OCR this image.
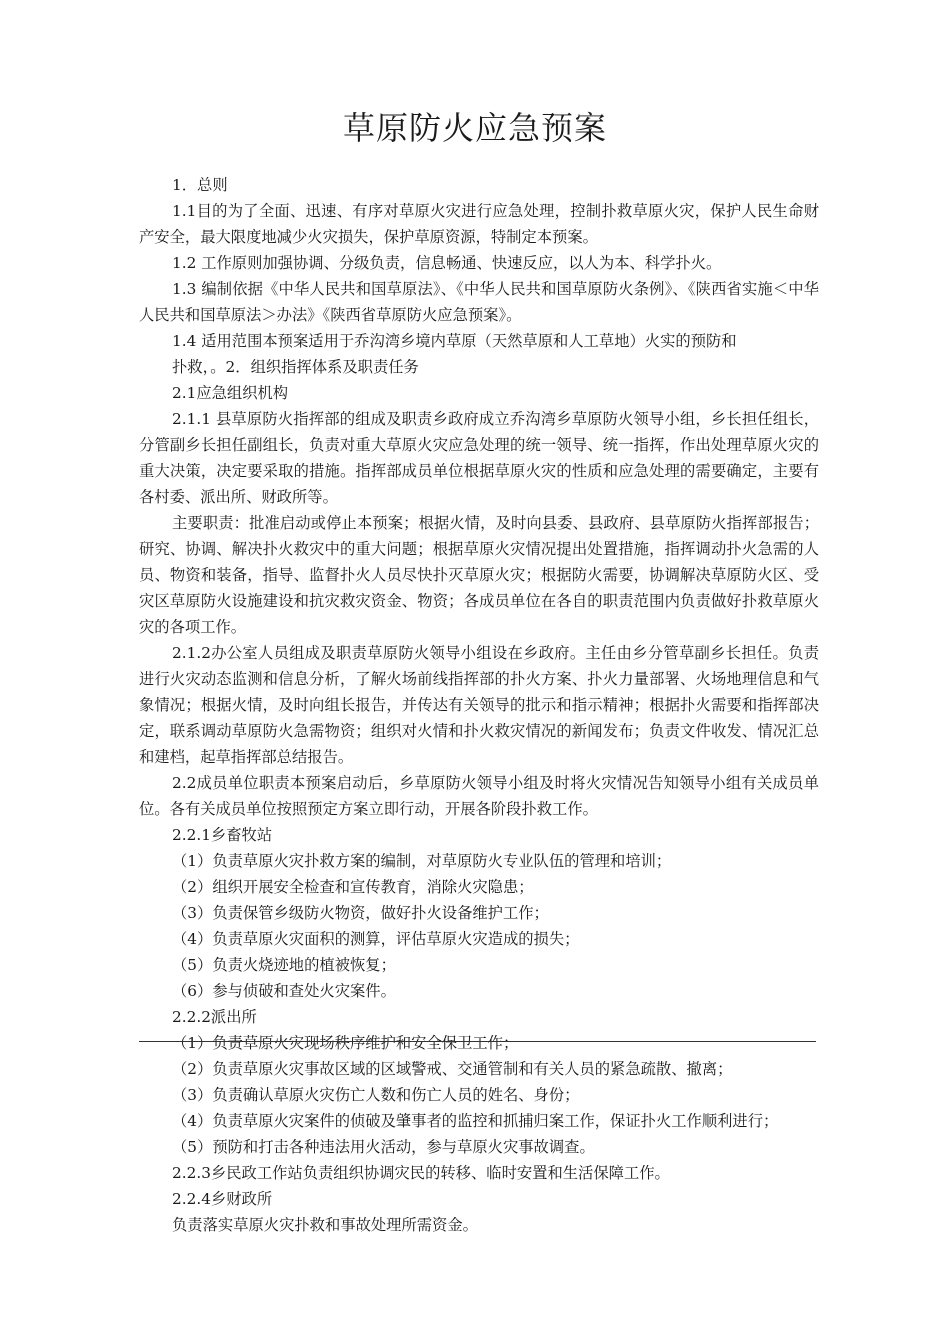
草原防火应急预案

1．总则

1.1目的为了全面、迅速、有序对草原火灾进行应急处理，控制扑救草原火灾，保护人民生命财产安全，最大限度地减少火灾损失，保护草原资源，特制定本预案。

1.2 工作原则加强协调、分级负责，信息畅通、快速反应，以人为本、科学扑火。

1.3 编制依据《中华人民共和国草原法》、《中华人民共和国草原防火条例》、《陕西省实施＜中华人民共和国草原法＞办法》《陕西省草原防火应急预案》。

1.4 适用范围本预案适用于乔沟湾乡境内草原（天然草原和人工草地）火实的预防和

扑救，。2．组织指挥体系及职责任务

2.1应急组织机构

2.1.1 县草原防火指挥部的组成及职责乡政府成立乔沟湾乡草原防火领导小组，乡长担任组长，分管副乡长担任副组长，负责对重大草原火灾应急处理的统一领导、统一指挥，作出处理草原火灾的重大决策，决定要采取的措施。指挥部成员单位根据草原火灾的性质和应急处理的需要确定，主要有各村委、派出所、财政所等。

主要职责：批准启动或停止本预案；根据火情，及时向县委、县政府、县草原防火指挥部报告；研究、协调、解决扑火救灾中的重大问题；根据草原火灾情况提出处置措施，指挥调动扑火急需的人员、物资和装备，指导、监督扑火人员尽快扑灭草原火灾；根据防火需要，协调解决草原防火区、受灾区草原防火设施建设和抗灾救灾资金、物资；各成员单位在各自的职责范围内负责做好扑救草原火灾的各项工作。

2.1.2办公室人员组成及职责草原防火领导小组设在乡政府。主任由乡分管草副乡长担任。负责进行火灾动态监测和信息分析，了解火场前线指挥部的扑火方案、扑火力量部署、火场地理信息和气象情况；根据火情，及时向组长报告，并传达有关领导的批示和指示精神；根据扑火需要和指挥部决定，联系调动草原防火急需物资；组织对火情和扑火救灾情况的新闻发布；负责文件收发、情况汇总和建档，起草指挥部总结报告。

2.2成员单位职责本预案启动后，乡草原防火领导小组及时将火灾情况告知领导小组有关成员单位。各有关成员单位按照预定方案立即行动，开展各阶段扑救工作。

2.2.1乡畜牧站

（1）负责草原火灾扑救方案的编制，对草原防火专业队伍的管理和培训；

（2）组织开展安全检查和宣传教育，消除火灾隐患；

（3）负责保管乡级防火物资，做好扑火设备维护工作；

（4）负责草原火灾面积的测算，评估草原火灾造成的损失；

（5）负责火烧迹地的植被恢复；

（6）参与侦破和查处火灾案件。

2.2.2派出所

（1）负责草原火灾现场秩序维护和安全保卫工作；

（2）负责草原火灾事故区域的区域警戒、交通管制和有关人员的紧急疏散、撤离；

（3）负责确认草原火灾伤亡人数和伤亡人员的姓名、身份；

（4）负责草原火灾案件的侦破及肇事者的监控和抓捕归案工作，保证扑火工作顺利进行；

（5）预防和打击各种违法用火活动，参与草原火灾事故调查。

2.2.3乡民政工作站负责组织协调灾民的转移、临时安置和生活保障工作。

2.2.4乡财政所

负责落实草原火灾扑救和事故处理所需资金。
